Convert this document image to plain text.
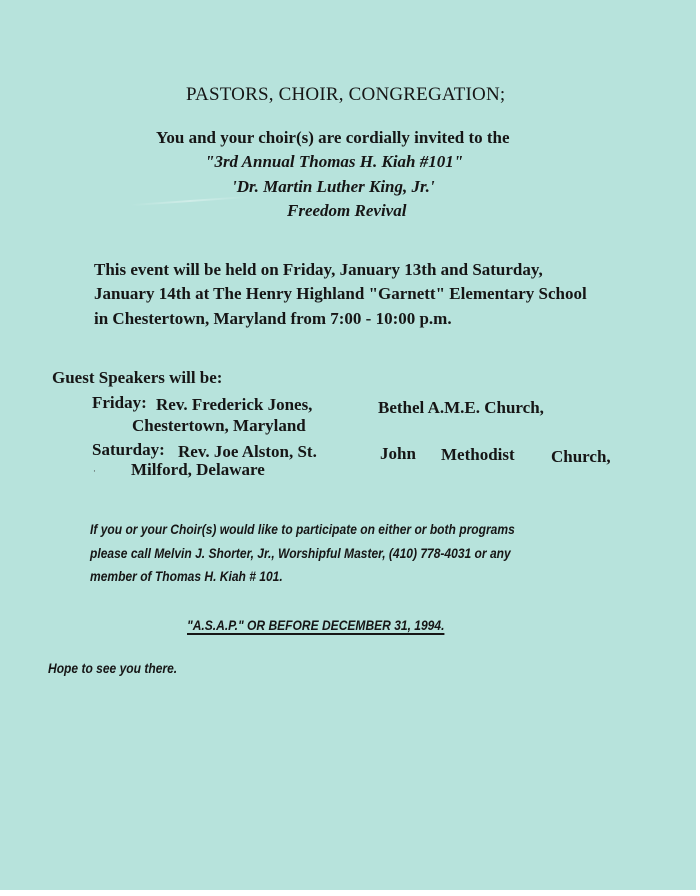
PASTORS, CHOIR, CONGREGATION;
You and your choir(s) are cordially invited to the
"3rd Annual Thomas H. Kiah #101"
'Dr. Martin Luther King, Jr.'
Freedom Revival
This event will be held on Friday, January 13th and Saturday,
January 14th at The Henry Highland "Garnett" Elementary School
in Chestertown, Maryland from 7:00 - 10:00 p.m.
Guest Speakers will be:
Friday: Rev. Frederick Jones,	Bethel A.M.E. Church,
Chestertown, Maryland
Saturday: Rev. Joe Alston, St.	John Methodist Church,
· Milford, Delaware
If you or your Choir(s) would like to participate on either or both programs
please call Melvin J. Shorter, Jr., Worshipful Master, (410) 778-4031 or any
member of Thomas H. Kiah # 101.
"A.S.A.P." OR BEFORE DECEMBER 31, 1994.
Hope to see you there.
